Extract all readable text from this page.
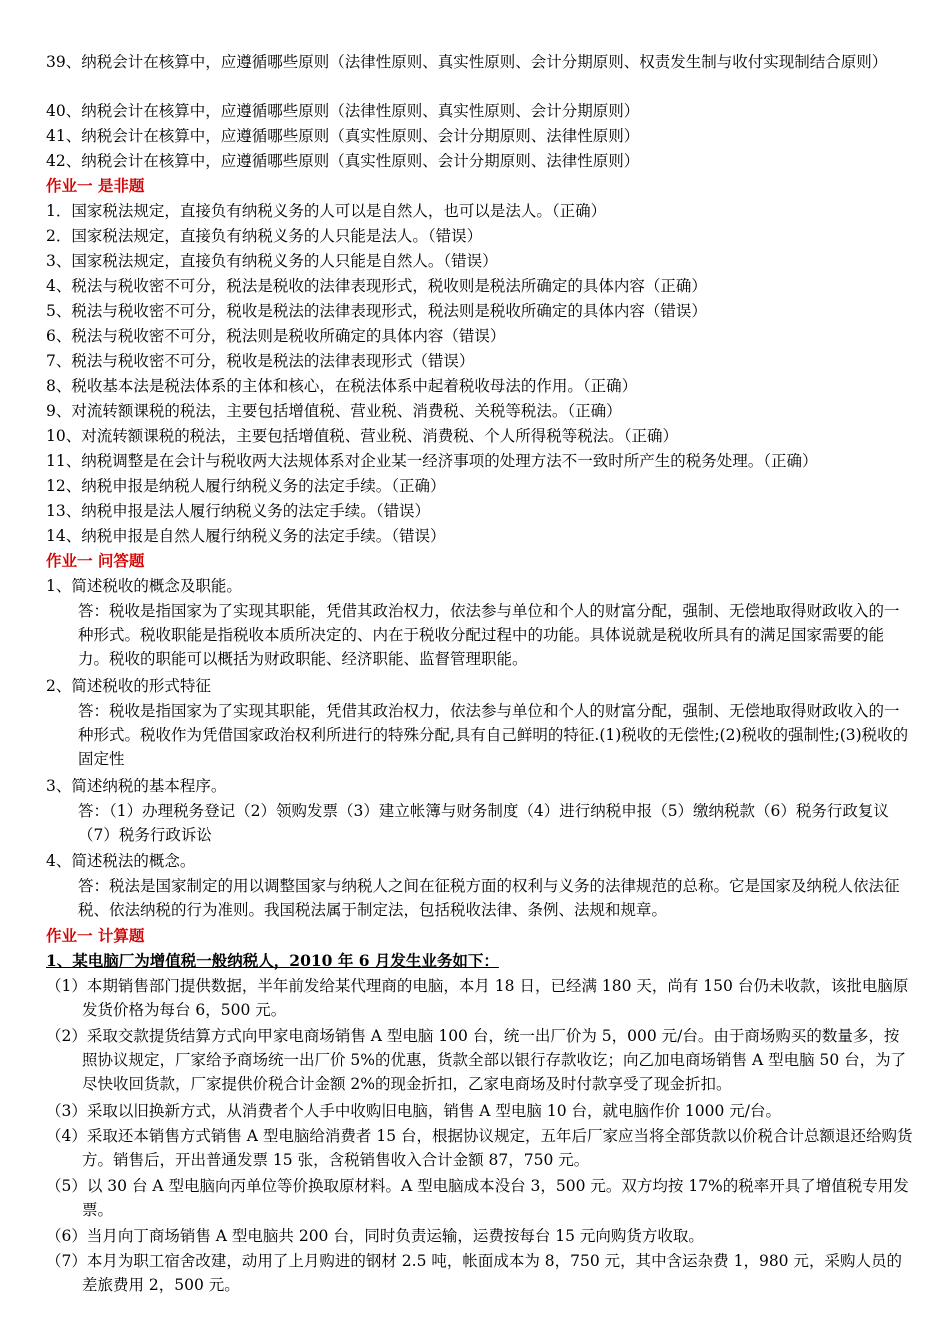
39、纳税会计在核算中，应遵循哪些原则（法律性原则、真实性原则、会计分期原则、权责发生制与收付实现制结合原则）
40、纳税会计在核算中，应遵循哪些原则（法律性原则、真实性原则、会计分期原则）
41、纳税会计在核算中，应遵循哪些原则（真实性原则、会计分期原则、法律性原则）
42、纳税会计在核算中，应遵循哪些原则（真实性原则、会计分期原则、法律性原则）
作业一 是非题
1．国家税法规定，直接负有纳税义务的人可以是自然人，也可以是法人。（正确）
2．国家税法规定，直接负有纳税义务的人只能是法人。（错误）
3、国家税法规定，直接负有纳税义务的人只能是自然人。（错误）
4、税法与税收密不可分，税法是税收的法律表现形式，税收则是税法所确定的具体内容（正确）
5、税法与税收密不可分，税收是税法的法律表现形式，税法则是税收所确定的具体内容（错误）
6、税法与税收密不可分，税法则是税收所确定的具体内容（错误）
7、税法与税收密不可分，税收是税法的法律表现形式（错误）
8、税收基本法是税法体系的主体和核心，在税法体系中起着税收母法的作用。（正确）
9、对流转额课税的税法，主要包括增值税、营业税、消费税、关税等税法。（正确）
10、对流转额课税的税法，主要包括增值税、营业税、消费税、个人所得税等税法。（正确）
11、纳税调整是在会计与税收两大法规体系对企业某一经济事项的处理方法不一致时所产生的税务处理。（正确）
12、纳税申报是纳税人履行纳税义务的法定手续。（正确）
13、纳税申报是法人履行纳税义务的法定手续。（错误）
14、纳税申报是自然人履行纳税义务的法定手续。（错误）
作业一 问答题
1、简述税收的概念及职能。
答：税收是指国家为了实现其职能，凭借其政治权力，依法参与单位和个人的财富分配，强制、无偿地取得财政收入的一种形式。税收职能是指税收本质所决定的、内在于税收分配过程中的功能。具体说就是税收所具有的满足国家需要的能力。税收的职能可以概括为财政职能、经济职能、监督管理职能。
2、简述税收的形式特征
答：税收是指国家为了实现其职能，凭借其政治权力，依法参与单位和个人的财富分配，强制、无偿地取得财政收入的一种形式。税收作为凭借国家政治权利所进行的特殊分配,具有自己鲜明的特征.(1)税收的无偿性;(2)税收的强制性;(3)税收的固定性
3、简述纳税的基本程序。
答：（1）办理税务登记（2）领购发票（3）建立帐簿与财务制度（4）进行纳税申报（5）缴纳税款（6）税务行政复议（7）税务行政诉讼
4、简述税法的概念。
答：税法是国家制定的用以调整国家与纳税人之间在征税方面的权利与义务的法律规范的总称。它是国家及纳税人依法征税、依法纳税的行为准则。我国税法属于制定法，包括税收法律、条例、法规和规章。
作业一 计算题
1、某电脑厂为增值税一般纳税人，2010 年 6 月发生业务如下：
（1）本期销售部门提供数据，半年前发给某代理商的电脑，本月 18 日，已经满 180 天，尚有 150 台仍未收款，该批电脑原发货价格为每台 6，500 元。
（2）采取交款提货结算方式向甲家电商场销售 A 型电脑 100 台，统一出厂价为 5，000 元/台。由于商场购买的数量多，按照协议规定，厂家给予商场统一出厂价 5%的优惠，货款全部以银行存款收讫；向乙加电商场销售 A 型电脑 50 台，为了尽快收回货款，厂家提供价税合计金额 2%的现金折扣，乙家电商场及时付款享受了现金折扣。
（3）采取以旧换新方式，从消费者个人手中收购旧电脑，销售 A 型电脑 10 台，就电脑作价 1000 元/台。
（4）采取还本销售方式销售 A 型电脑给消费者 15 台，根据协议规定，五年后厂家应当将全部货款以价税合计总额退还给购货方。销售后，开出普通发票 15 张，含税销售收入合计金额 87，750 元。
（5）以 30 台 A 型电脑向丙单位等价换取原材料。A 型电脑成本没台 3，500 元。双方均按 17%的税率开具了增值税专用发票。
（6）当月向丁商场销售 A 型电脑共 200 台，同时负责运输，运费按每台 15 元向购货方收取。
（7）本月为职工宿舍改建，动用了上月购进的钢材 2.5 吨，帐面成本为 8，750 元，其中含运杂费 1，980 元，采购人员的差旅费用 2，500 元。
